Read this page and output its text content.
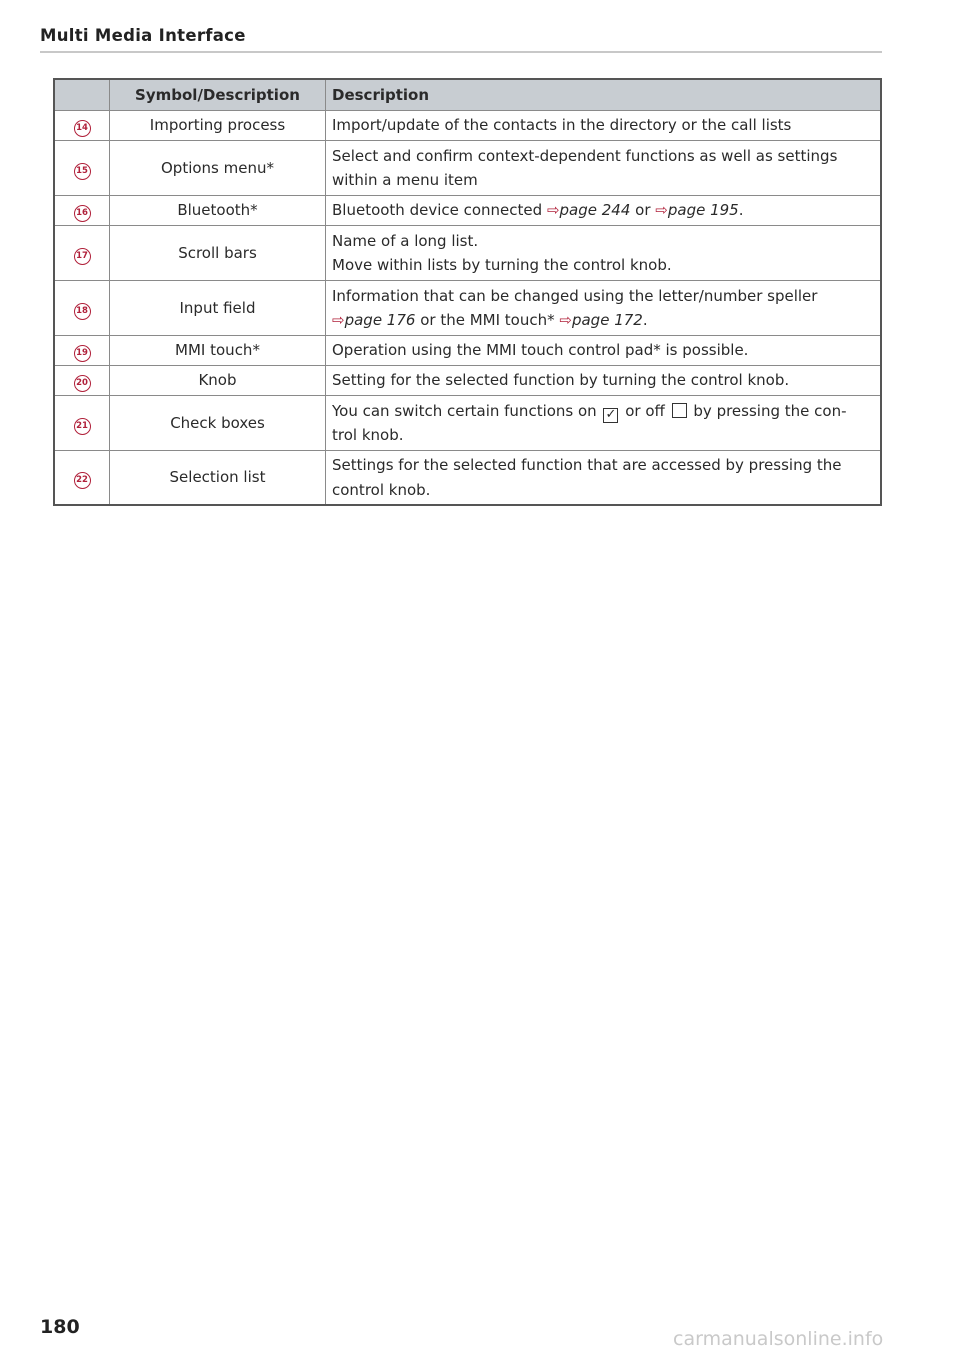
Multi Media Interface
	Symbol/Description	Description
14	Importing process	Import/update of the contacts in the directory or the call lists

15	Options menu*	Select and confirm context-dependent functions as well as settings
within a menu item

16	Bluetooth*	Bluetooth device connected ⇨page 244 or ⇨page 195.

17	Scroll bars	Name of a long list.
Move within lists by turning the control knob.

18	Input field	Information that can be changed using the letter/number speller
⇨page 176 or the MMI touch* ⇨page 172.

19	MMI touch*	Operation using the MMI touch control pad* is possible.

20	Knob	Setting for the selected function by turning the control knob.

21	Check boxes	You can switch certain functions on ✓ or off  by pressing the con-
trol knob.

22	Selection list	Settings for the selected function that are accessed by pressing the
control knob.
180
carmanualsonline.info
